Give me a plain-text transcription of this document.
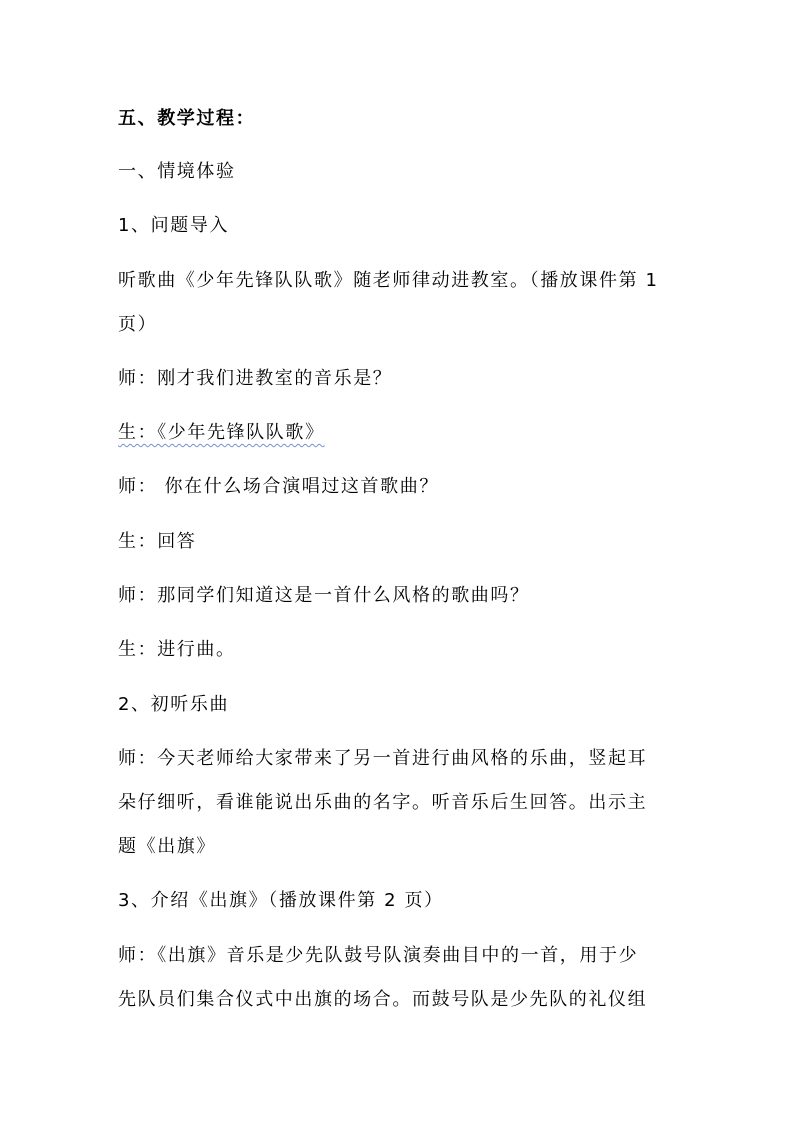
五、教学过程：
一、情境体验
1、问题导入
听歌曲《少年先锋队队歌》随老师律动进教室。（播放课件第 1
页）
师：刚才我们进教室的音乐是？
生：《少年先锋队队歌》
师： 你在什么场合演唱过这首歌曲？
生：回答
师：那同学们知道这是一首什么风格的歌曲吗？
生：进行曲。
2、初听乐曲
师：今天老师给大家带来了另一首进行曲风格的乐曲，竖起耳
朵仔细听，看谁能说出乐曲的名字。听音乐后生回答。出示主
题《出旗》
3、介绍《出旗》（播放课件第 2 页）
师：《出旗》音乐是少先队鼓号队演奏曲目中的一首，用于少
先队员们集合仪式中出旗的场合。而鼓号队是少先队的礼仪组
